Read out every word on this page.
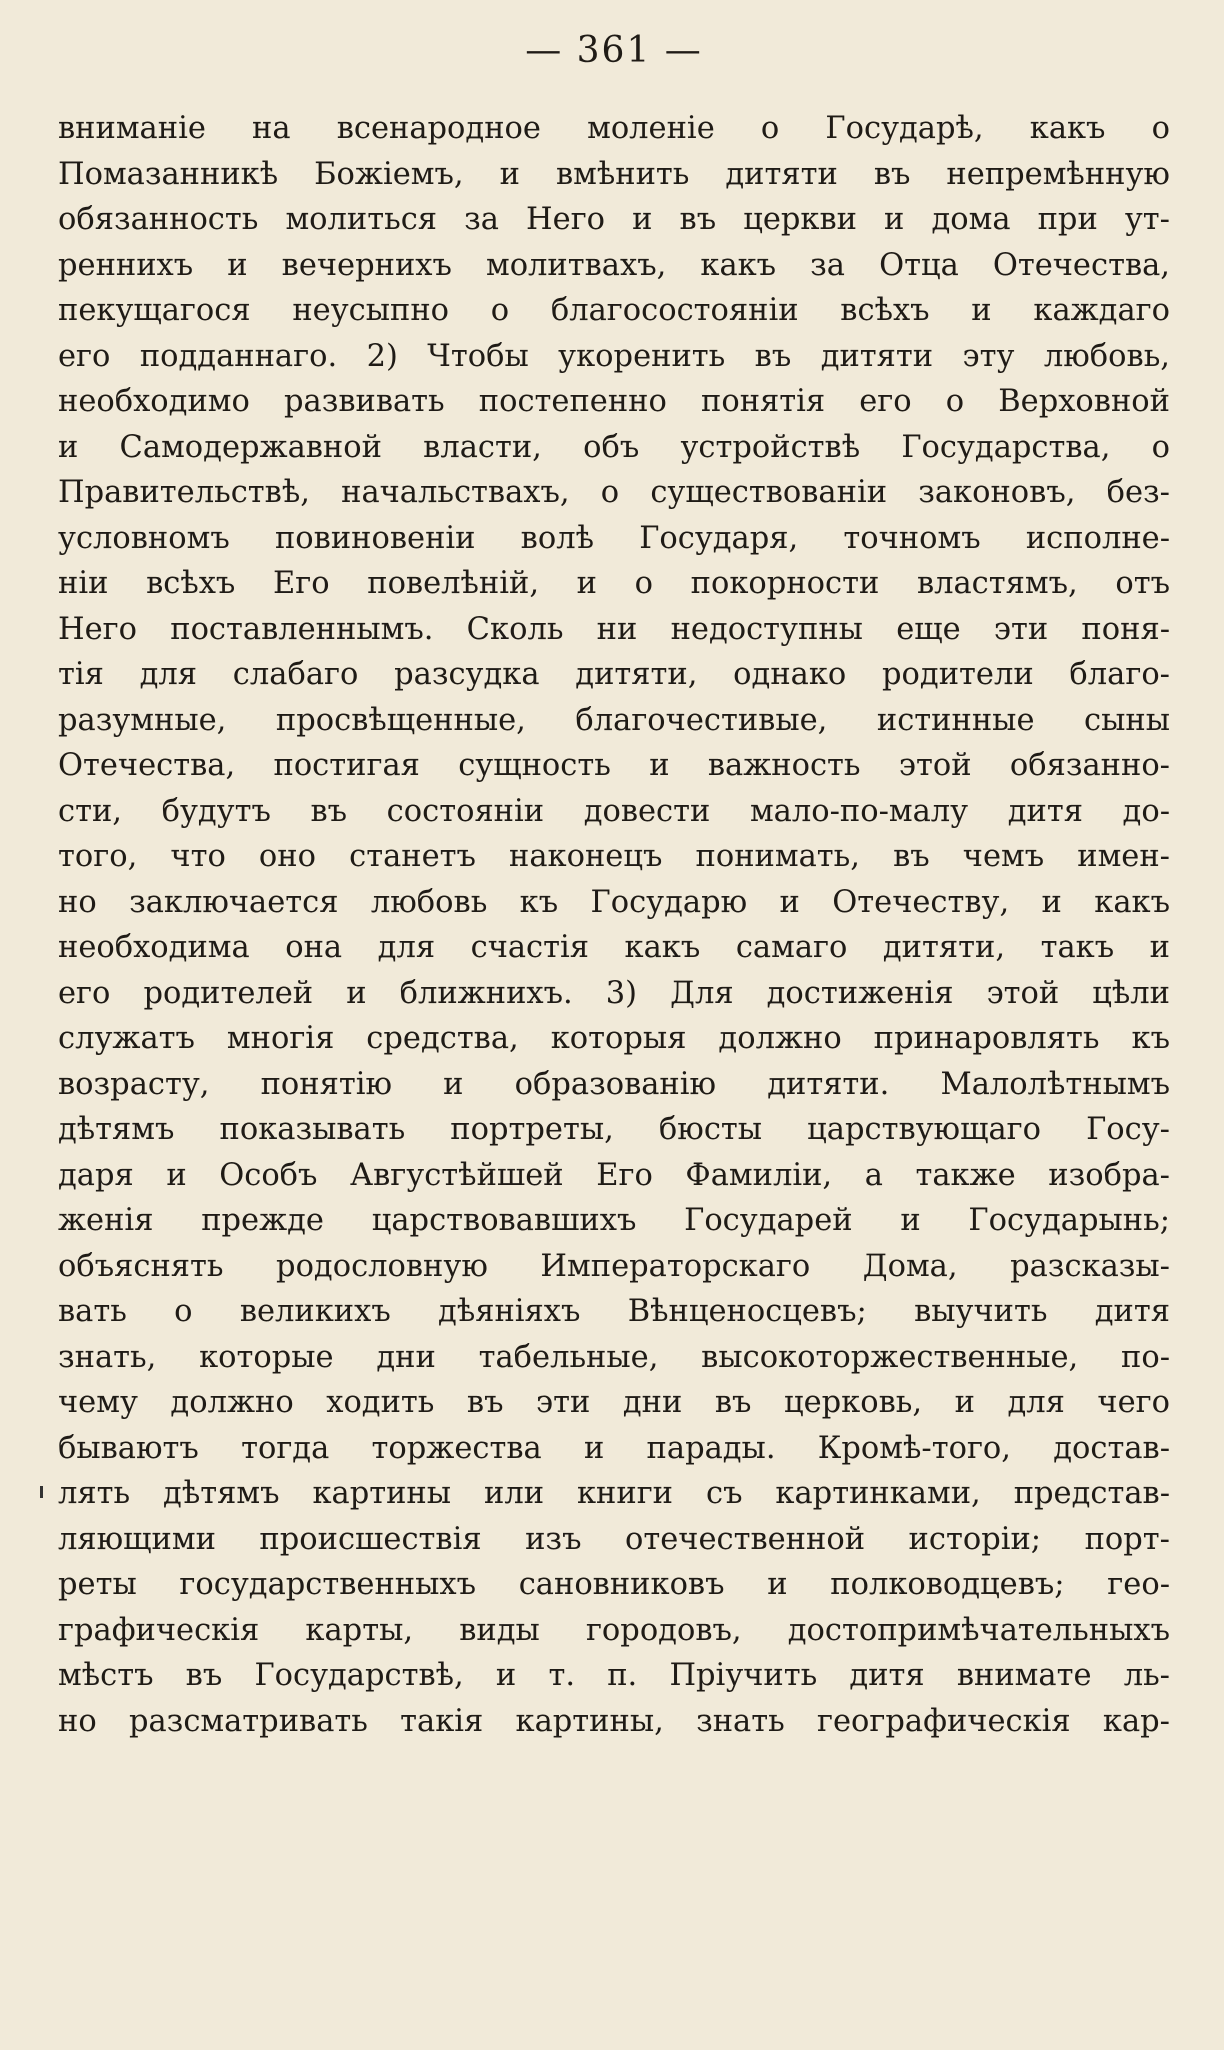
— 361 —
вниманіе на всенародное моленіе о Государѣ, какъ о
Помазанникѣ Божіемъ, и вмѣнить дитяти въ непремѣнную
обязанность молиться за Него и въ церкви и дома при ут-
реннихъ и вечернихъ молитвахъ, какъ за Отца Отечества,
пекущагося неусыпно о благосостояніи всѣхъ и каждаго
его подданнаго. 2) Чтобы укоренить въ дитяти эту любовь,
необходимо развивать постепенно понятія его о Верховной
и Самодержавной власти, объ устройствѣ Государства, о
Правительствѣ, начальствахъ, о существованіи законовъ, без-
условномъ повиновеніи волѣ Государя, точномъ исполне-
ніи всѣхъ Его повелѣній, и о покорности властямъ, отъ
Него поставленнымъ. Сколь ни недоступны еще эти поня-
тія для слабаго разсудка дитяти, однако родители благо-
разумные, просвѣщенные, благочестивые, истинные сыны
Отечества, постигая сущность и важность этой обязанно-
сти, будутъ въ состояніи довести мало-по-малу дитя до-
того, что оно станетъ наконецъ понимать, въ чемъ имен-
но заключается любовь къ Государю и Отечеству, и какъ
необходима она для счастія какъ самаго дитяти, такъ и
его родителей и ближнихъ. 3) Для достиженія этой цѣли
служатъ многія средства, которыя должно принаровлять къ
возрасту, понятію и образованію дитяти. Малолѣтнымъ
дѣтямъ показывать портреты, бюсты царствующаго Госу-
даря и Особъ Августѣйшей Его Фамиліи, а также изобра-
женія прежде царствовавшихъ Государей и Государынь;
объяснять родословную Императорскаго Дома, разсказы-
вать о великихъ дѣяніяхъ Вѣнценосцевъ; выучить дитя
знать, которые дни табельные, высокоторжественные, по-
чему должно ходить въ эти дни въ церковь, и для чего
бываютъ тогда торжества и парады. Кромѣ-того, достав-
лять дѣтямъ картины или книги съ картинками, представ-
ляющими происшествія изъ отечественной исторіи; порт-
реты государственныхъ сановниковъ и полководцевъ; гео-
графическія карты, виды городовъ, достопримѣчательныхъ
мѣстъ въ Государствѣ, и т. п. Пріучить дитя внимате ль-
но разсматривать такія картины, знать географическія кар-
